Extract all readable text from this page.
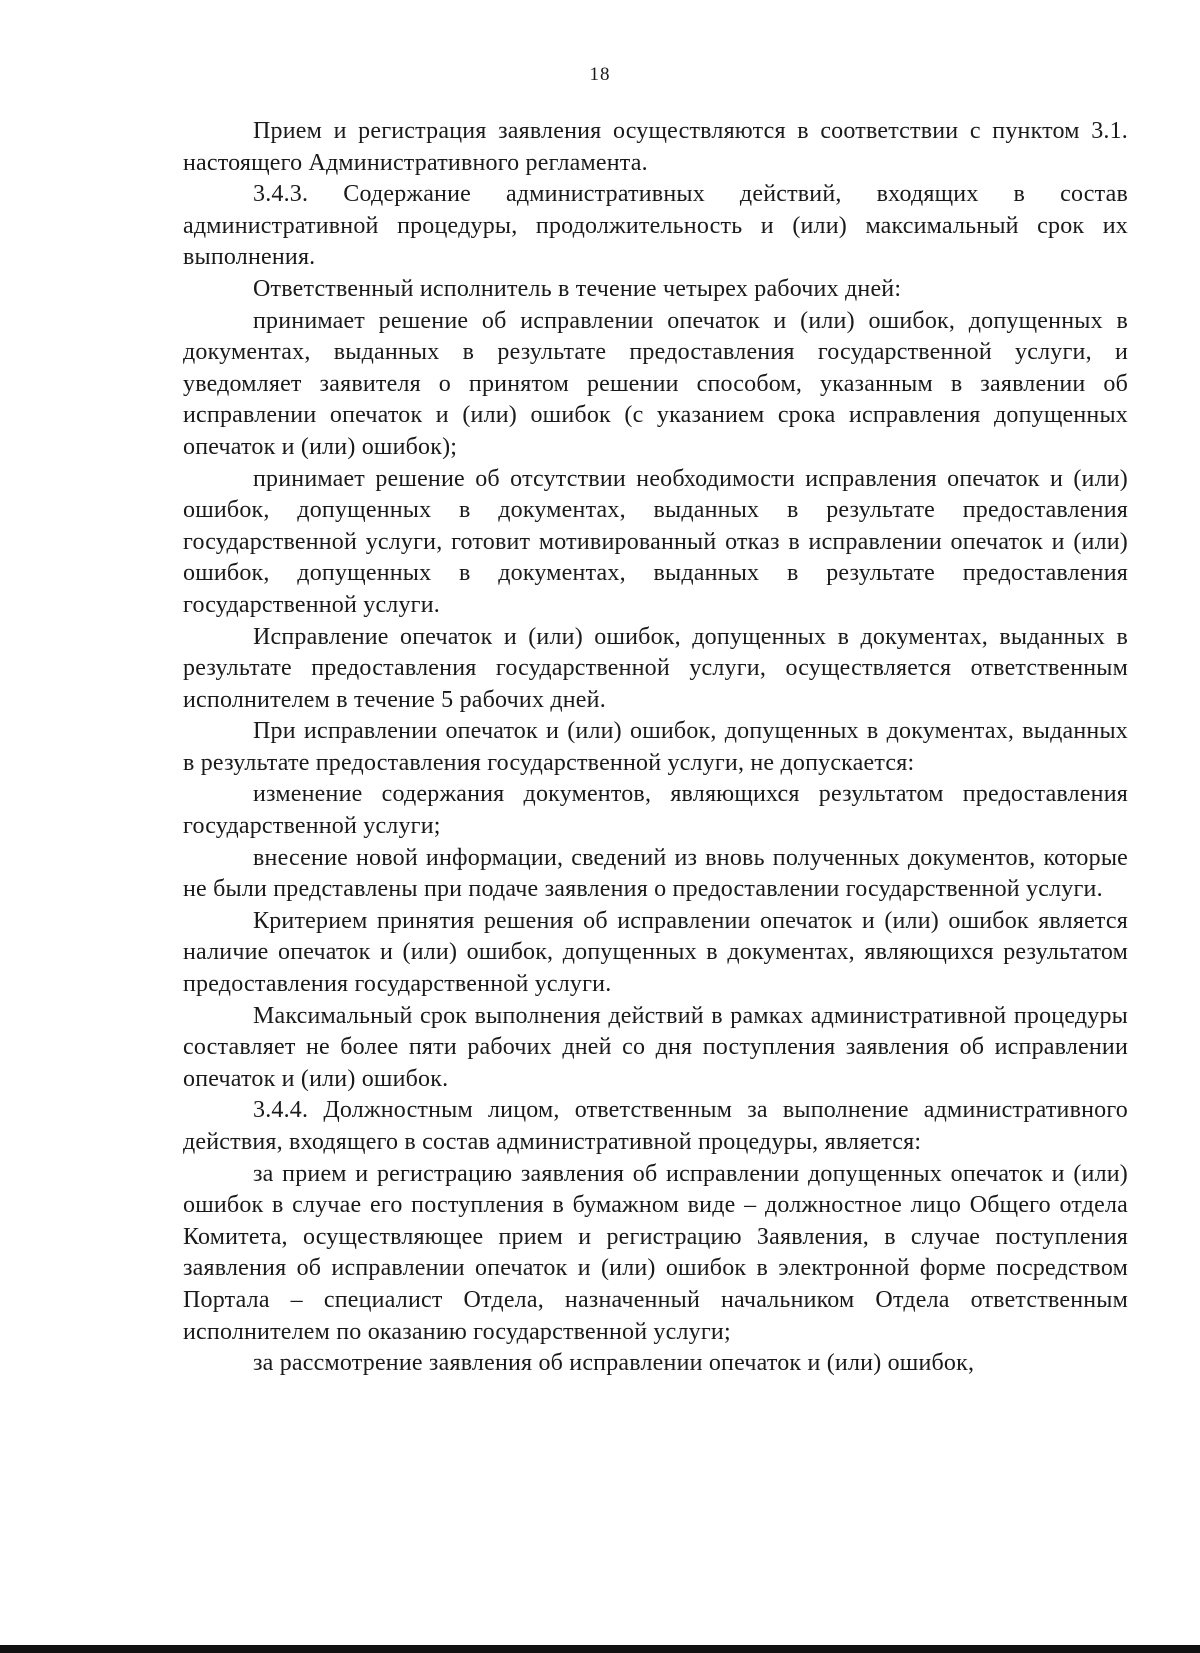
18

Прием и регистрация заявления осуществляются в соответствии с пунктом 3.1. настоящего Административного регламента.

3.4.3. Содержание административных действий, входящих в состав административной процедуры, продолжительность и (или) максимальный срок их выполнения.

Ответственный исполнитель в течение четырех рабочих дней:

принимает решение об исправлении опечаток и (или) ошибок, допущенных в документах, выданных в результате предоставления государственной услуги, и уведомляет заявителя о принятом решении способом, указанным в заявлении об исправлении опечаток и (или) ошибок (с указанием срока исправления допущенных опечаток и (или) ошибок);

принимает решение об отсутствии необходимости исправления опечаток и (или) ошибок, допущенных в документах, выданных в результате предоставления государственной услуги, готовит мотивированный отказ в исправлении опечаток и (или) ошибок, допущенных в документах, выданных в результате предоставления государственной услуги.

Исправление опечаток и (или) ошибок, допущенных в документах, выданных в результате предоставления государственной услуги, осуществляется ответственным исполнителем в течение 5 рабочих дней.

При исправлении опечаток и (или) ошибок, допущенных в документах, выданных в результате предоставления государственной услуги, не допускается:

изменение содержания документов, являющихся результатом предоставления государственной услуги;

внесение новой информации, сведений из вновь полученных документов, которые не были представлены при подаче заявления о предоставлении государственной услуги.

Критерием принятия решения об исправлении опечаток и (или) ошибок является наличие опечаток и (или) ошибок, допущенных в документах, являющихся результатом предоставления государственной услуги.

Максимальный срок выполнения действий в рамках административной процедуры составляет не более пяти рабочих дней со дня поступления заявления об исправлении опечаток и (или) ошибок.

3.4.4. Должностным лицом, ответственным за выполнение административного действия, входящего в состав административной процедуры, является:

за прием и регистрацию заявления об исправлении допущенных опечаток и (или) ошибок в случае его поступления в бумажном виде – должностное лицо Общего отдела Комитета, осуществляющее прием и регистрацию Заявления, в случае поступления заявления об исправлении опечаток и (или) ошибок в электронной форме посредством Портала – специалист Отдела, назначенный начальником Отдела ответственным исполнителем по оказанию государственной услуги;

за рассмотрение заявления об исправлении опечаток и (или) ошибок,
